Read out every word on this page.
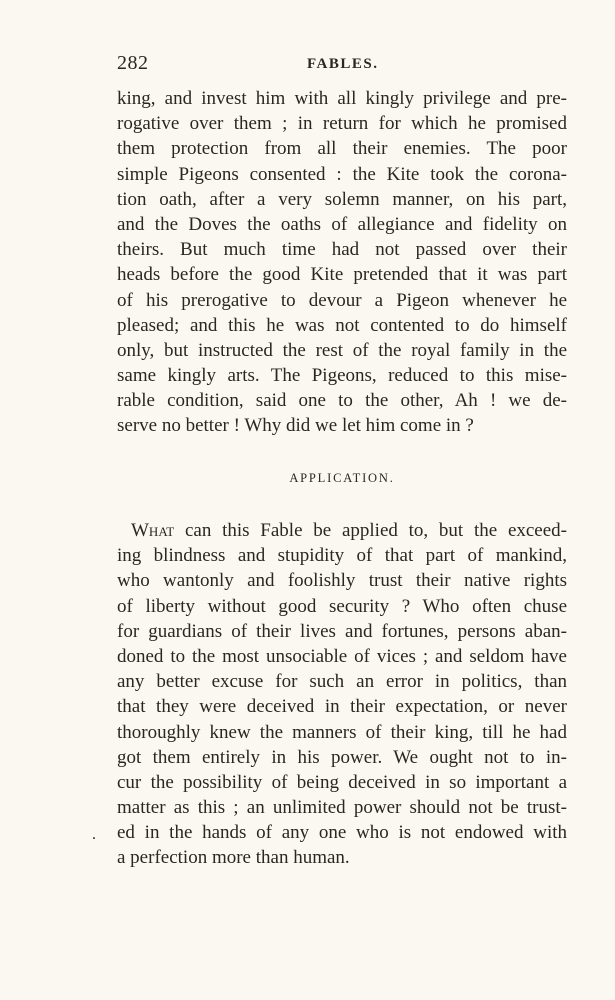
282	FABLES.
king, and invest him with all kingly privilege and pre-
rogative over them ; in return for which he promised
them protection from all their enemies. The poor
simple Pigeons consented : the Kite took the corona-
tion oath, after a very solemn manner, on his part,
and the Doves the oaths of allegiance and fidelity on
theirs. But much time had not passed over their
heads before the good Kite pretended that it was part
of his prerogative to devour a Pigeon whenever he
pleased; and this he was not contented to do himself
only, but instructed the rest of the royal family in the
same kingly arts. The Pigeons, reduced to this mise-
rable condition, said one to the other, Ah ! we de-
serve no better ! Why did we let him come in ?
APPLICATION.
What can this Fable be applied to, but the exceed-
ing blindness and stupidity of that part of mankind,
who wantonly and foolishly trust their native rights
of liberty without good security ? Who often chuse
for guardians of their lives and fortunes, persons aban-
doned to the most unsociable of vices ; and seldom have
any better excuse for such an error in politics, than
that they were deceived in their expectation, or never
thoroughly knew the manners of their king, till he had
got them entirely in his power. We ought not to in-
cur the possibility of being deceived in so important a
matter as this ; an unlimited power should not be trust-
ed in the hands of any one who is not endowed with
a perfection more than human.
.
